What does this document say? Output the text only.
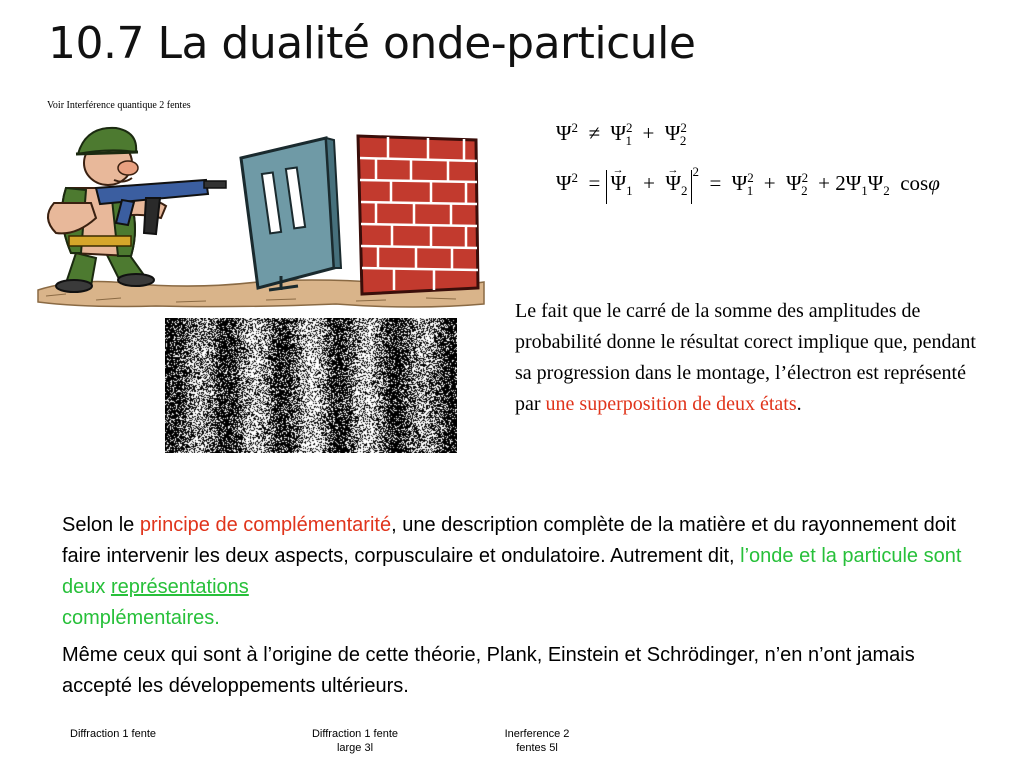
10.7 La dualité onde-particule
Voir Interférence quantique 2 fentes
$\Psi^2 \ne \Psi^2_1 + \Psi^2_2$
$\Psi^2$ = → $\Psi_1$ + → $\Psi_2^2 = \Psi^2_1 + \Psi^2_2 + 2\Psi_1\Psi_2$ cosφ
Le fait que le carré de la somme des amplitudes de probabilité donne le résultat corect implique que, pendant sa progression dans le montage, l’électron est représenté par une superposition de deux états.
Selon le principe de complémentarité, une description complète de la matière et du rayonnement doit faire intervenir les deux aspects, corpusculaire et ondulatoire. Autrement dit, l’onde et la particule sont deux représentations
complémentaires.
Même ceux qui sont à l’origine de cette théorie, Plank, Einstein et Schrödinger, n’en n’ont jamais accepté les développements ultérieurs.
Diffraction 1 fente	Diffraction 1 fente
large 3l
Inerference 2
fentes 5l
